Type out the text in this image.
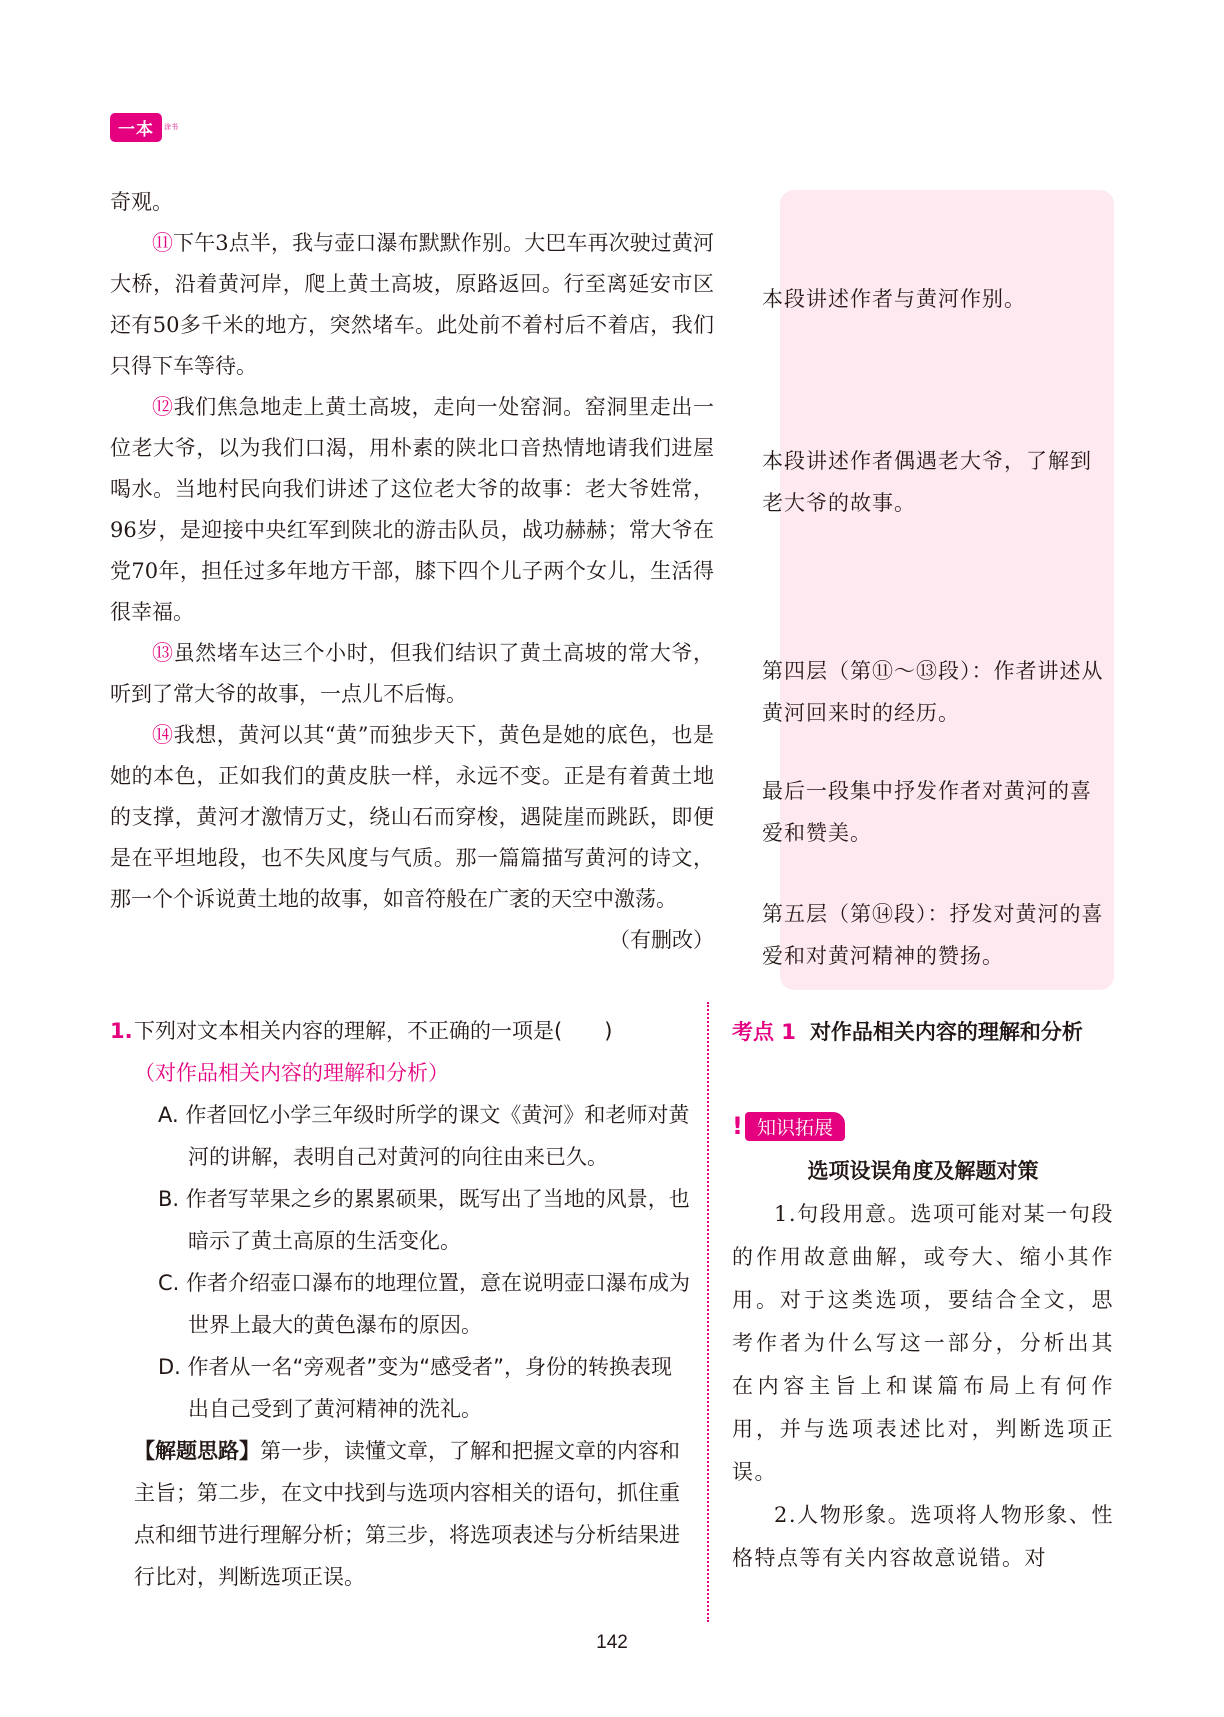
一本	涂书

奇观。

⑪下午3点半，我与壶口瀑布默默作别。大巴车再次驶过黄河大桥，沿着黄河岸，爬上黄土高坡，原路返回。行至离延安市区还有50多千米的地方，突然堵车。此处前不着村后不着店，我们只得下车等待。

⑫我们焦急地走上黄土高坡，走向一处窑洞。窑洞里走出一位老大爷，以为我们口渴，用朴素的陕北口音热情地请我们进屋喝水。当地村民向我们讲述了这位老大爷的故事：老大爷姓常，96岁，是迎接中央红军到陕北的游击队员，战功赫赫；常大爷在党70年，担任过多年地方干部，膝下四个儿子两个女儿，生活得很幸福。

⑬虽然堵车达三个小时，但我们结识了黄土高坡的常大爷，听到了常大爷的故事，一点儿不后悔。

⑭我想，黄河以其“黄”而独步天下，黄色是她的底色，也是她的本色，正如我们的黄皮肤一样，永远不变。正是有着黄土地的支撑，黄河才激情万丈，绕山石而穿梭，遇陡崖而跳跃，即便是在平坦地段，也不失风度与气质。那一篇篇描写黄河的诗文，那一个个诉说黄土地的故事，如音符般在广袤的天空中激荡。

（有删改）
本段讲述作者与黄河作别。
本段讲述作者偶遇老大爷，了解到老大爷的故事。
第四层（第⑪～⑬段）：作者讲述从黄河回来时的经历。
最后一段集中抒发作者对黄河的喜爱和赞美。
第五层（第⑭段）：抒发对黄河的喜爱和对黄河精神的赞扬。
1. 下列对文本相关内容的理解，不正确的一项是(　　)
（对作品相关内容的理解和分析）
A. 作者回忆小学三年级时所学的课文《黄河》和老师对黄河的讲解，表明自己对黄河的向往由来已久。
B. 作者写苹果之乡的累累硕果，既写出了当地的风景，也暗示了黄土高原的生活变化。
C. 作者介绍壶口瀑布的地理位置，意在说明壶口瀑布成为世界上最大的黄色瀑布的原因。
D. 作者从一名“旁观者”变为“感受者”，身份的转换表现出自己受到了黄河精神的洗礼。
【解题思路】第一步，读懂文章，了解和把握文章的内容和主旨；第二步，在文中找到与选项内容相关的语句，抓住重点和细节进行理解分析；第三步，将选项表述与分析结果进行比对，判断选项正误。
考点 1 对作品相关内容的理解和分析
! 知识拓展
选项设误角度及解题对策

1.句段用意。选项可能对某一句段的作用故意曲解，或夸大、缩小其作用。对于这类选项，要结合全文，思考作者为什么写这一部分，分析出其在内容主旨上和谋篇布局上有何作用，并与选项表述比对，判断选项正误。

2.人物形象。选项将人物形象、性格特点等有关内容故意说错。对

142
